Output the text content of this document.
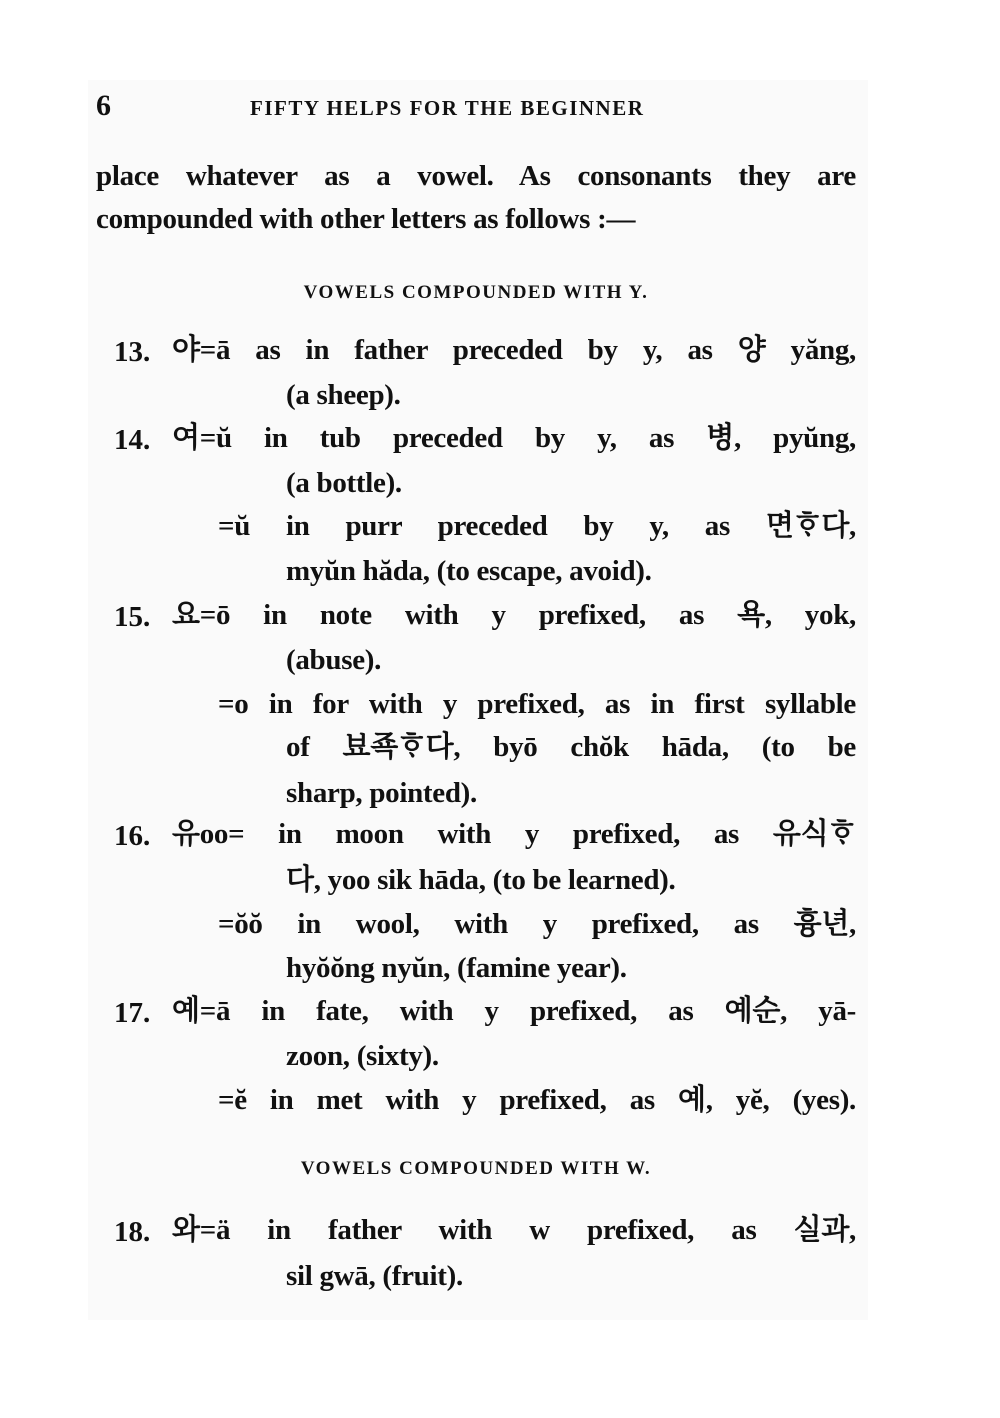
6	FIFTY HELPS FOR THE BEGINNER
place whatever as a vowel. As consonants they are
compounded with other letters as follows :—
VOWELS COMPOUNDED WITH Y.
13. 야=ā as in father preceded by y, as 양 yăng,
(a sheep).
14. 여=ŭ in tub preceded by y, as 병, pyŭng,
(a bottle).
=ŭ in purr preceded by y, as 면ᄒᆞ다,
myŭn hăda, (to escape, avoid).
15. 요=ō in note with y prefixed, as 욕, yok,
(abuse).
=o in for with y prefixed, as in first syllable
of 뵤죡ᄒᆞ다, byō chŏk hāda, (to be
sharp, pointed).
16. 유oo= in moon with y prefixed, as 유식ᄒᆞ
다, yoo sik hāda, (to be learned).
=ŏŏ in wool, with y prefixed, as 흉년,
hyŏŏng nyŭn, (famine year).
17. 예=ā in fate, with y prefixed, as 예순, yā-
zoon, (sixty).
=ĕ in met with y prefixed, as 예, yĕ, (yes).
VOWELS COMPOUNDED WITH W.
18. 와=ä in father with w prefixed, as 실과,
sil gwā, (fruit).
